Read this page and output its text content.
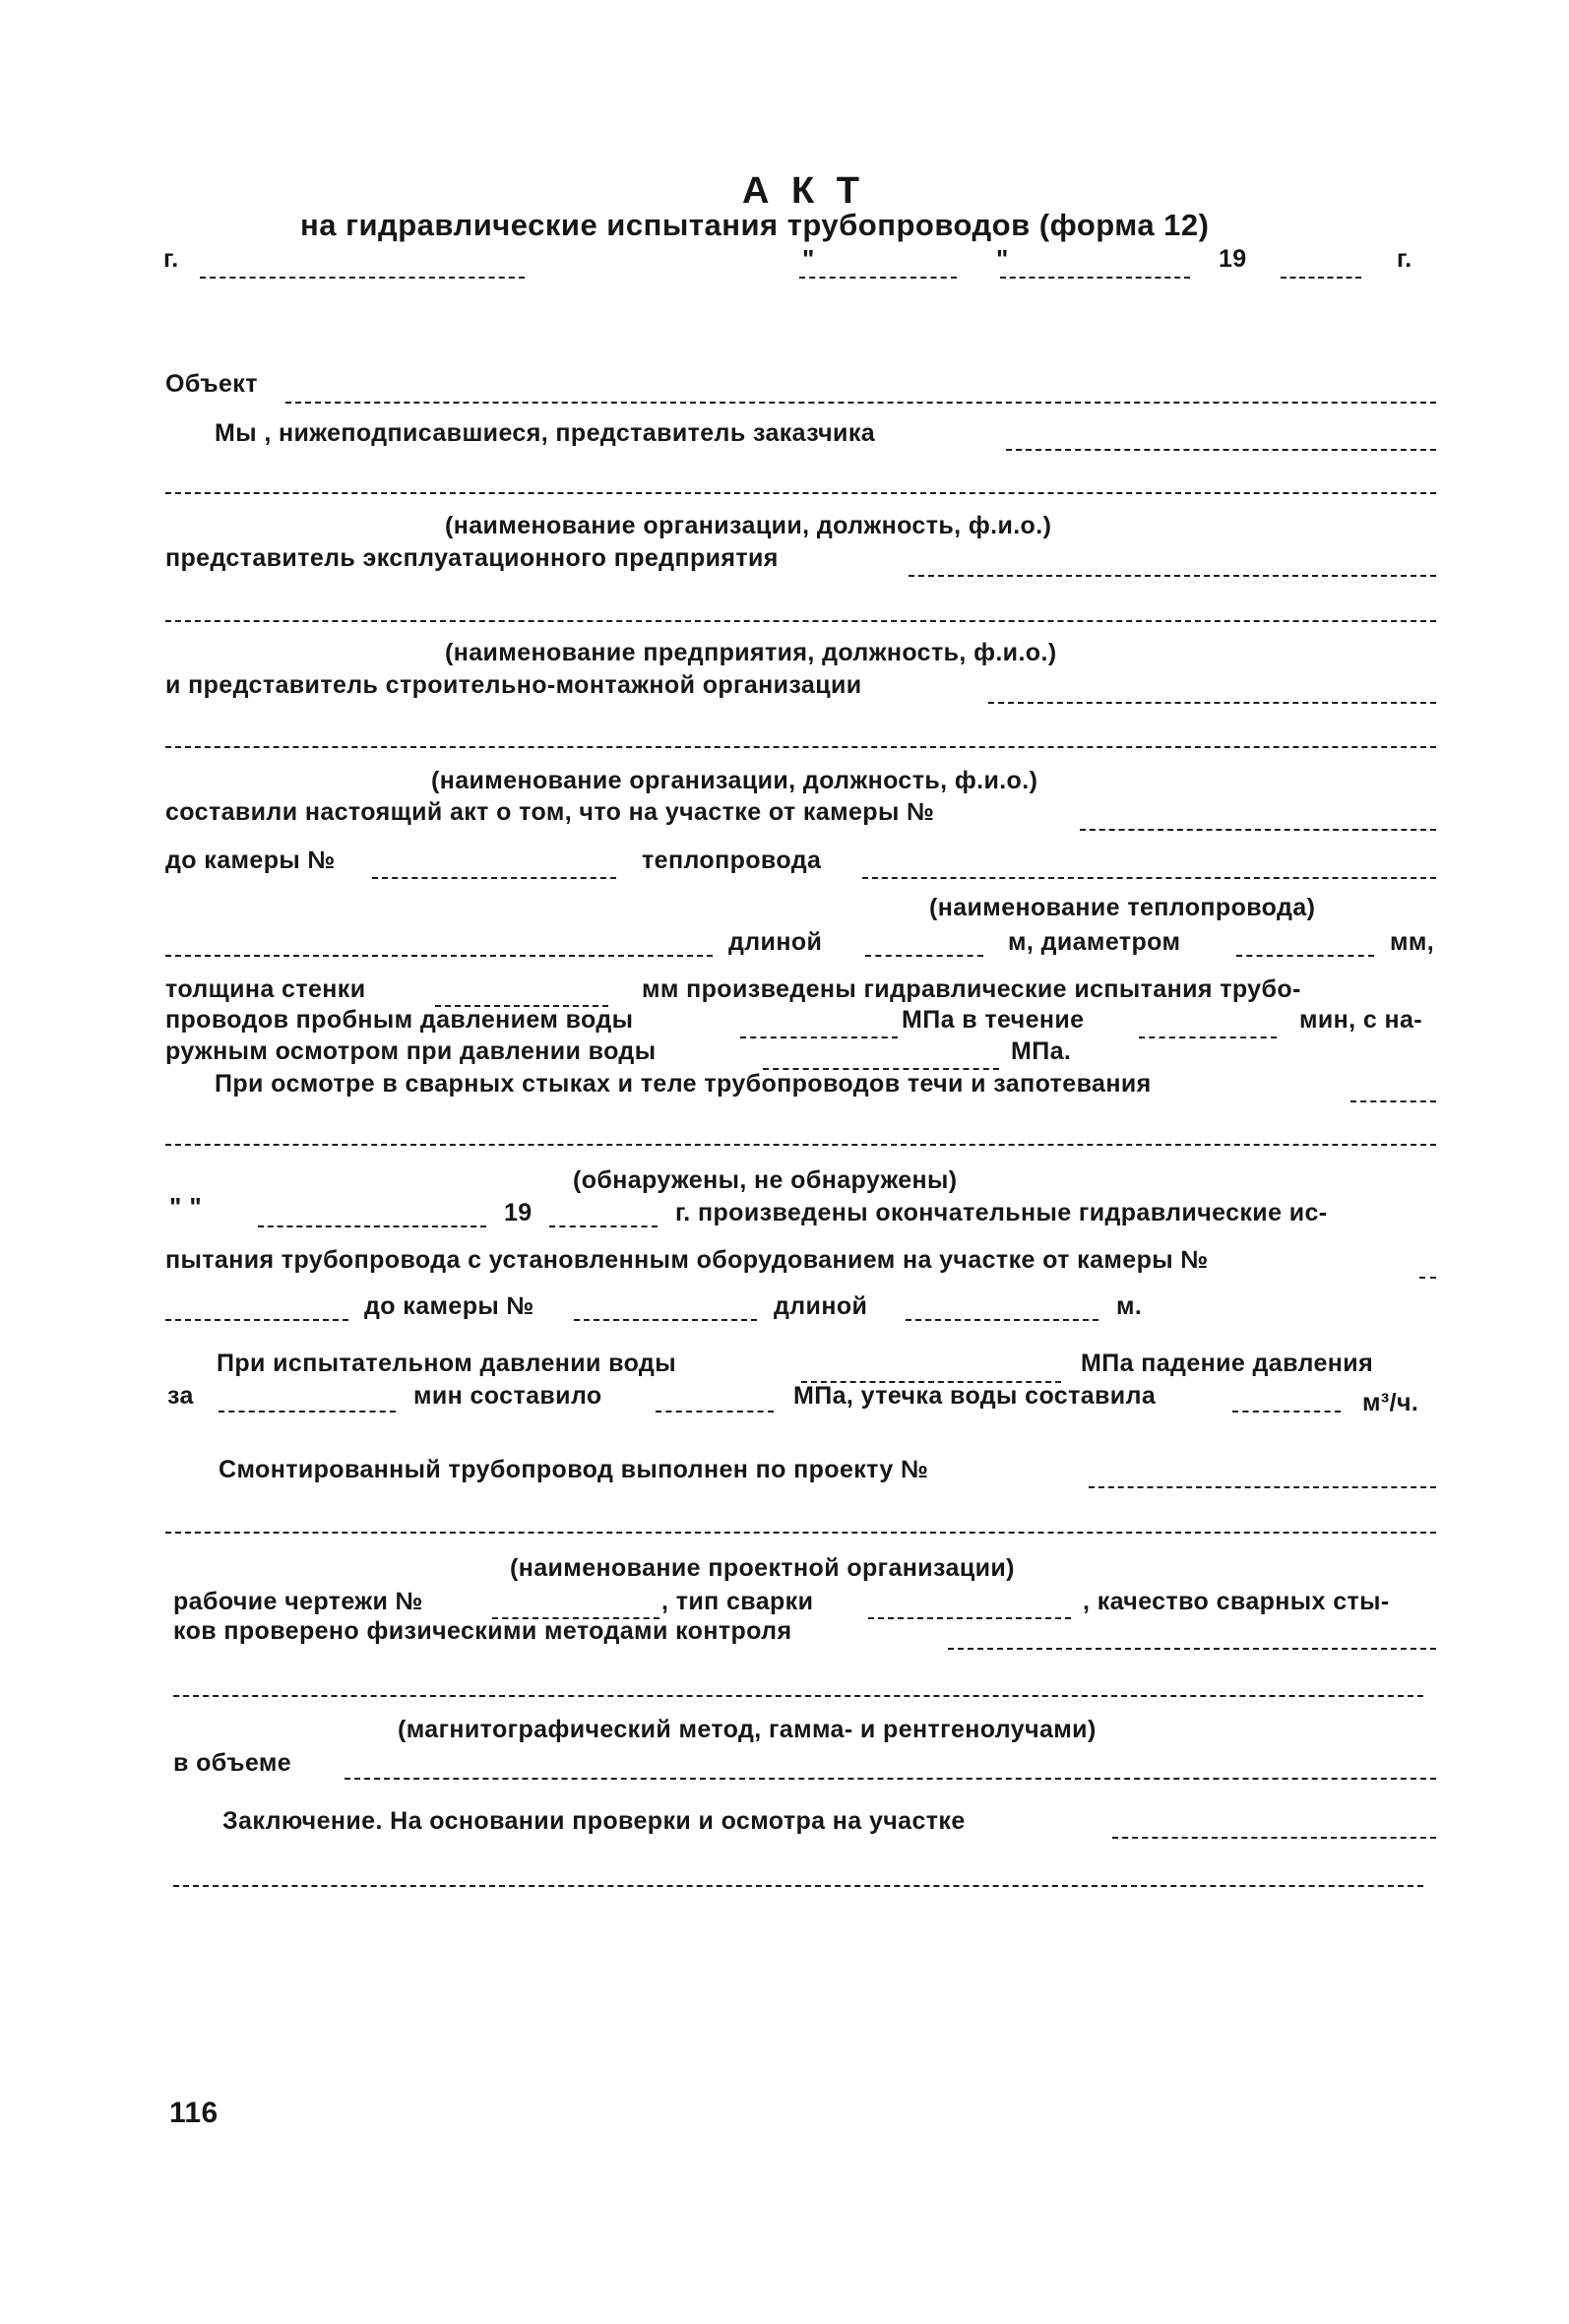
А К Т
на гидравлические испытания трубопроводов (форма 12)
г.	"	"	19	г.
Объект
Мы , нижеподписавшиеся, представитель заказчика
(наименование организации, должность, ф.и.о.)
представитель эксплуатационного предприятия
(наименование предприятия, должность, ф.и.о.)
и представитель строительно-монтажной организации
(наименование организации, должность, ф.и.о.)
составили настоящий акт о том, что на участке от камеры №
до камеры №	теплопровода
(наименование теплопровода)
длиной	м, диаметром	мм,
толщина стенки	мм произведены гидравлические испытания трубо-
проводов пробным давлением воды	МПа в течение	мин, с на-
ружным осмотром при давлении воды	МПа.
При осмотре в сварных стыках и теле трубопроводов течи и запотевания
(обнаружены, не обнаружены)
" "	19	г. произведены окончательные гидравлические ис-
пытания трубопровода с установленным оборудованием на участке от камеры №
до камеры №	длиной	м.
При испытательном давлении воды	МПа падение давления
за	мин составило	МПа, утечка воды составила	м³/ч.
Смонтированный трубопровод выполнен по проекту №
(наименование проектной организации)
рабочие чертежи №	, тип сварки	, качество сварных сты-
ков проверено физическими методами контроля
(магнитографический метод, гамма- и рентгенолучами)
в объеме
Заключение. На основании проверки и осмотра на участке
116
